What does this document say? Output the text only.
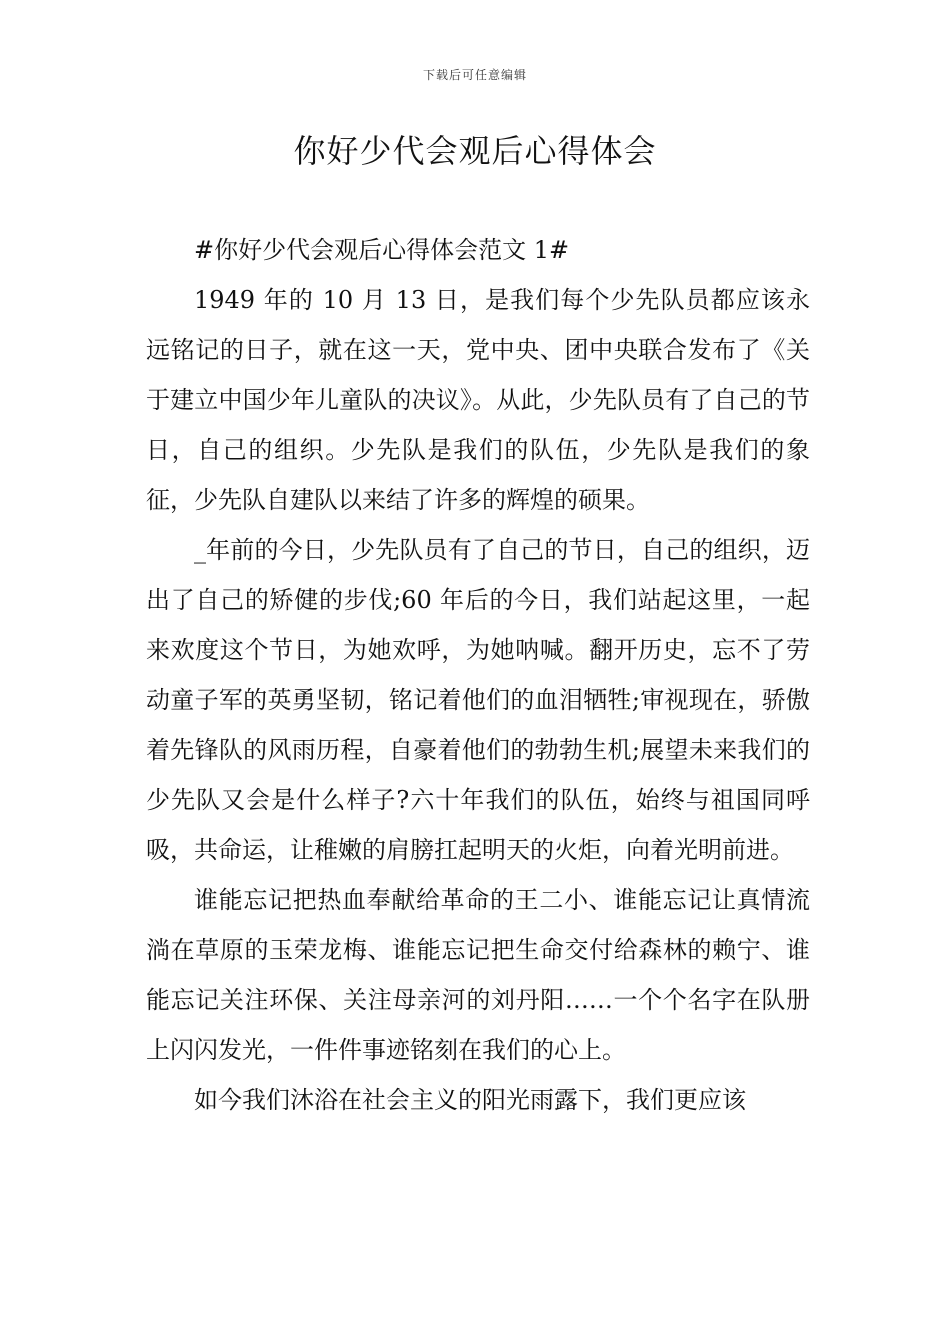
下载后可任意编辑
你好少代会观后心得体会

#你好少代会观后心得体会范文 1#

1949 年的 10 月 13 日，是我们每个少先队员都应该永远铭记的日子，就在这一天，党中央、团中央联合发布了《关于建立中国少年儿童队的决议》。从此，少先队员有了自己的节日，自己的组织。少先队是我们的队伍，少先队是我们的象征，少先队自建队以来结了许多的辉煌的硕果。

_年前的今日，少先队员有了自己的节日，自己的组织，迈出了自己的矫健的步伐;60 年后的今日，我们站起这里，一起来欢度这个节日，为她欢呼，为她呐喊。翻开历史，忘不了劳动童子军的英勇坚韧，铭记着他们的血泪牺牲;审视现在，骄傲着先锋队的风雨历程，自豪着他们的勃勃生机;展望未来我们的少先队又会是什么样子?六十年我们的队伍，始终与祖国同呼吸，共命运，让稚嫩的肩膀扛起明天的火炬，向着光明前进。

谁能忘记把热血奉献给革命的王二小、谁能忘记让真情流淌在草原的玉荣龙梅、谁能忘记把生命交付给森林的赖宁、谁能忘记关注环保、关注母亲河的刘丹阳……一个个名字在队册上闪闪发光，一件件事迹铭刻在我们的心上。

如今我们沐浴在社会主义的阳光雨露下，我们更应该
